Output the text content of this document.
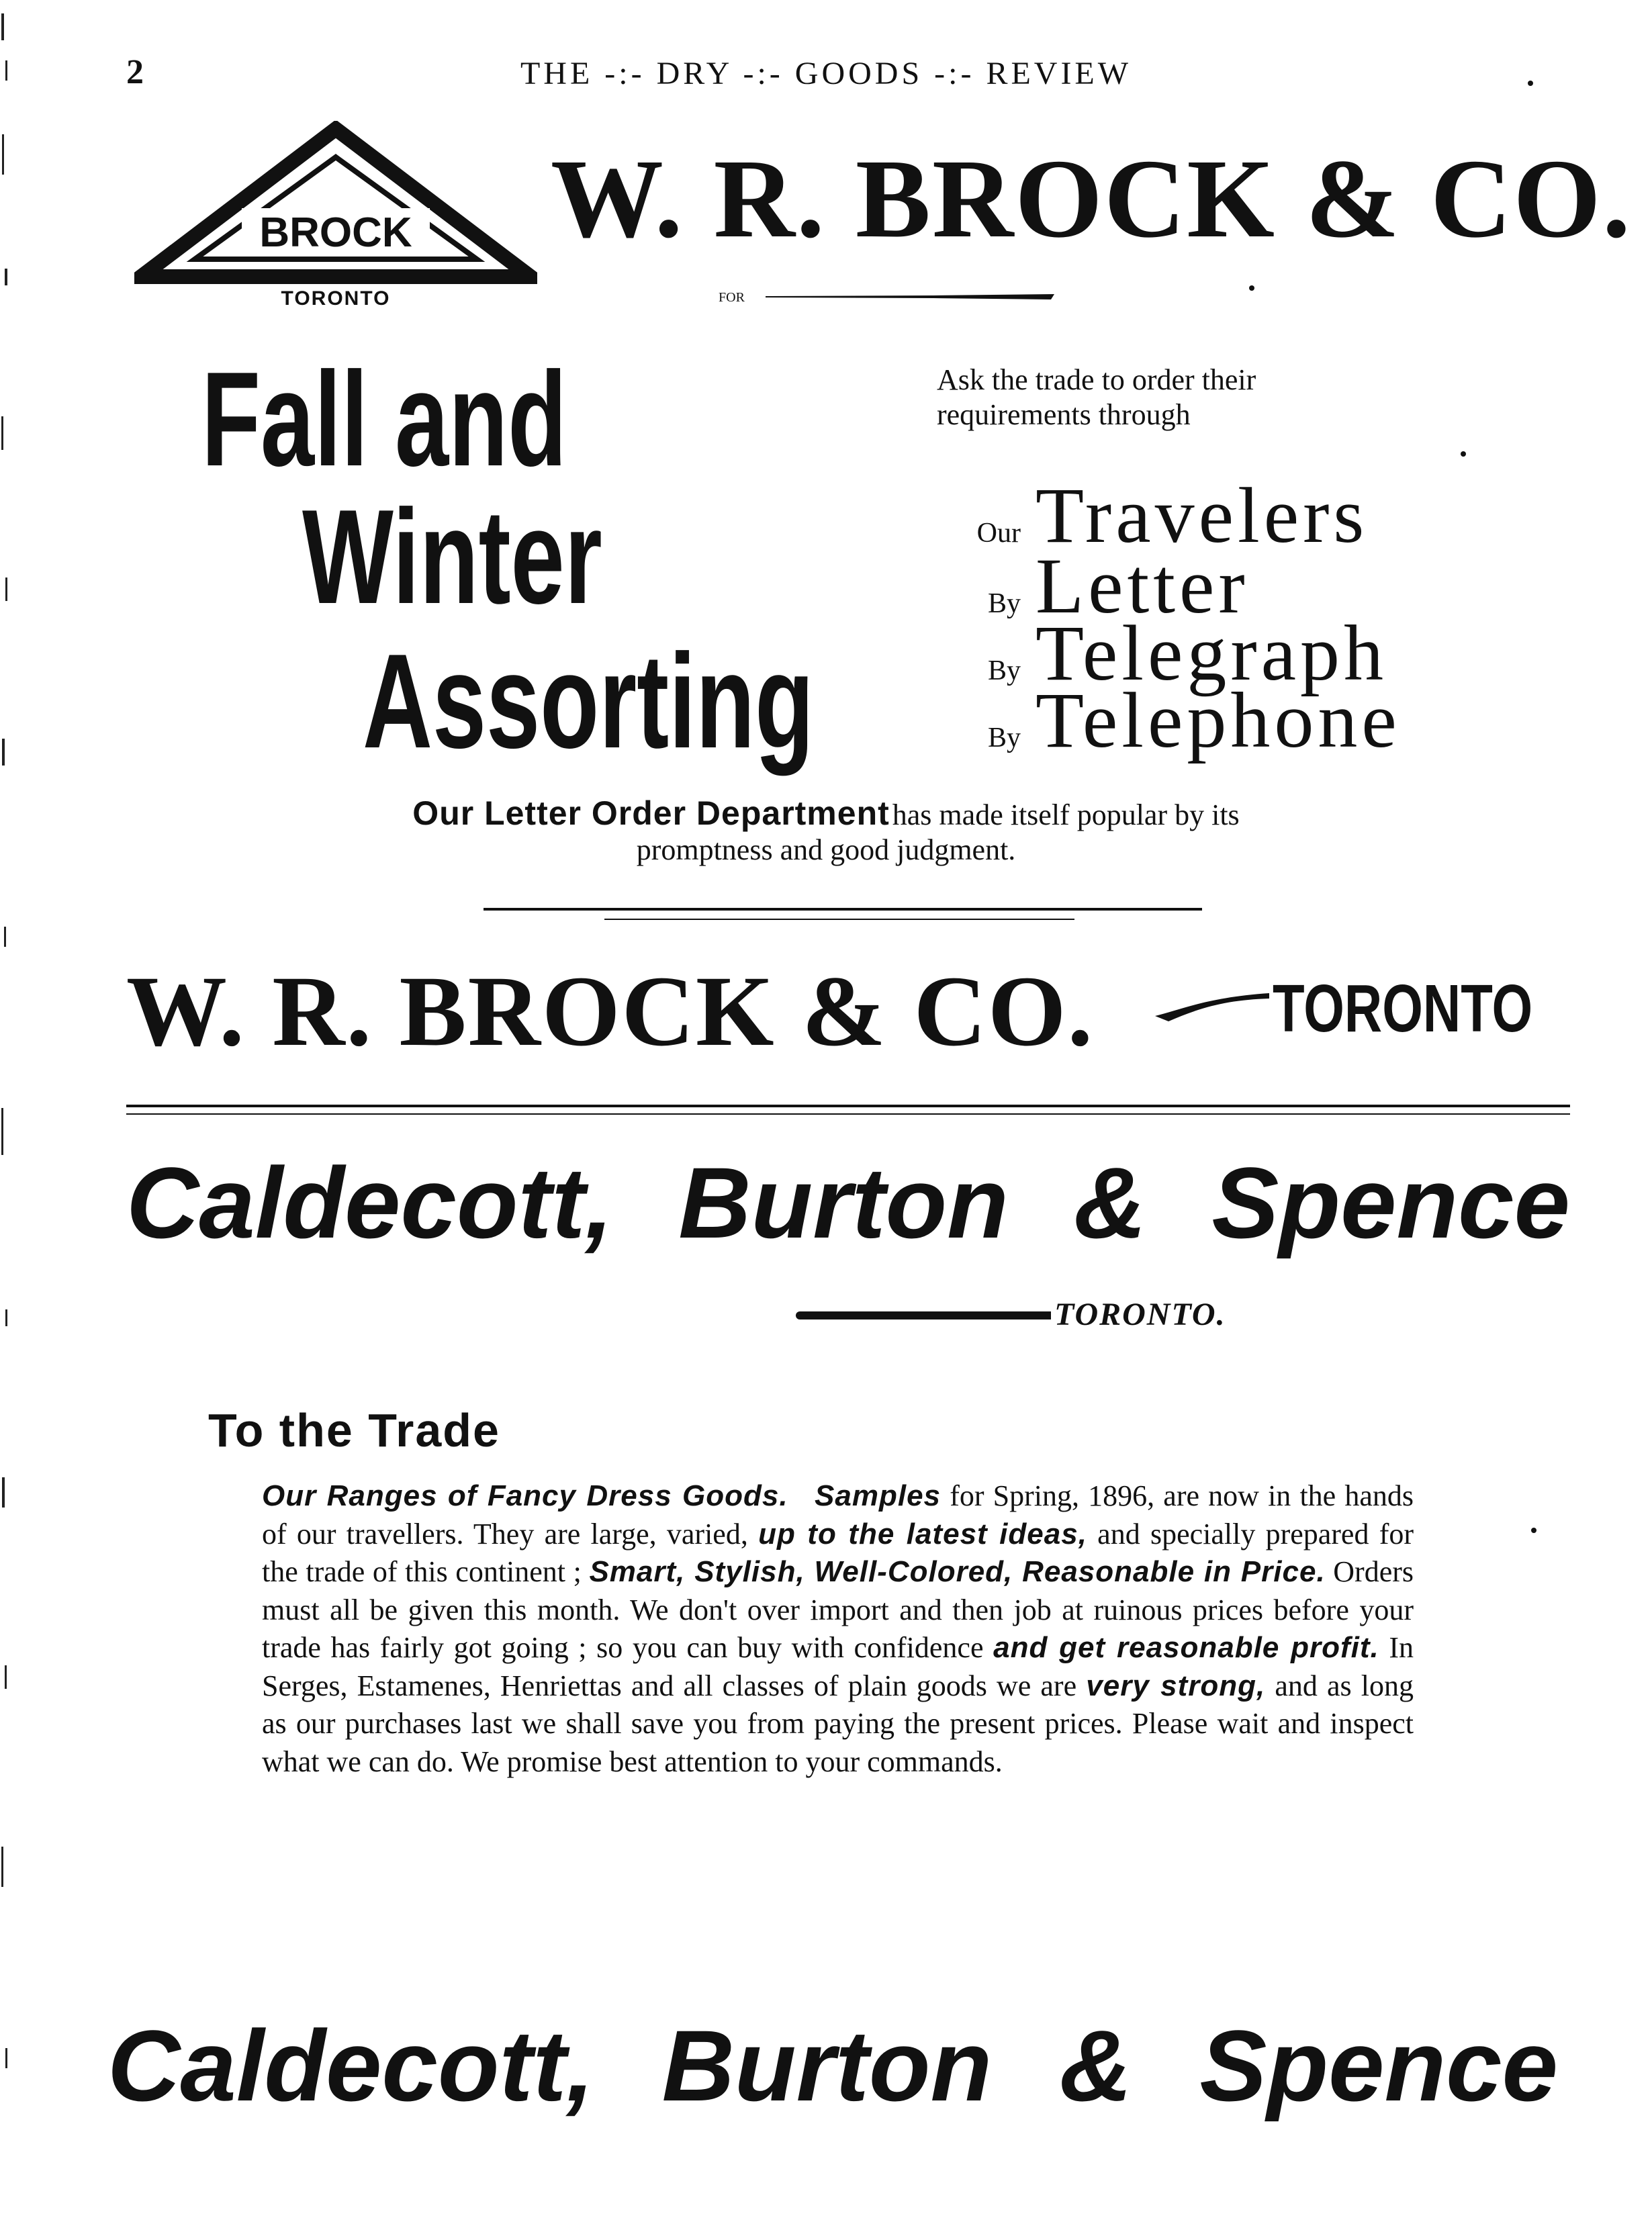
2	THE -:- DRY -:- GOODS -:- REVIEW
BROCK
TORONTO
W. R. BROCK & CO.
FOR
Fall and
Winter
Assorting
Ask the trade to order their
requirements through
Our Travelers
By Letter
By Telegraph
By Telephone
Our Letter Order Department has made itself popular by its
promptness and good judgment.
W. R. BROCK & CO.	TORONTO
Caldecott, Burton & Spence
TORONTO.
To the Trade
Our Ranges of Fancy Dress Goods. Samples for Spring, 1896, are now in the hands of our travellers. They are large, varied, up to the latest ideas, and specially prepared for the trade of this continent ; Smart, Stylish, Well-Colored, Reasonable in Price. Orders must all be given this month. We don't over import and then job at ruinous prices before your trade has fairly got going ; so you can buy with confidence and get reasonable profit. In Serges, Estamenes, Henriettas and all classes of plain goods we are very strong, and as long as our purchases last we shall save you from paying the present prices. Please wait and inspect what we can do. We promise best attention to your commands.
Caldecott, Burton & Spence
